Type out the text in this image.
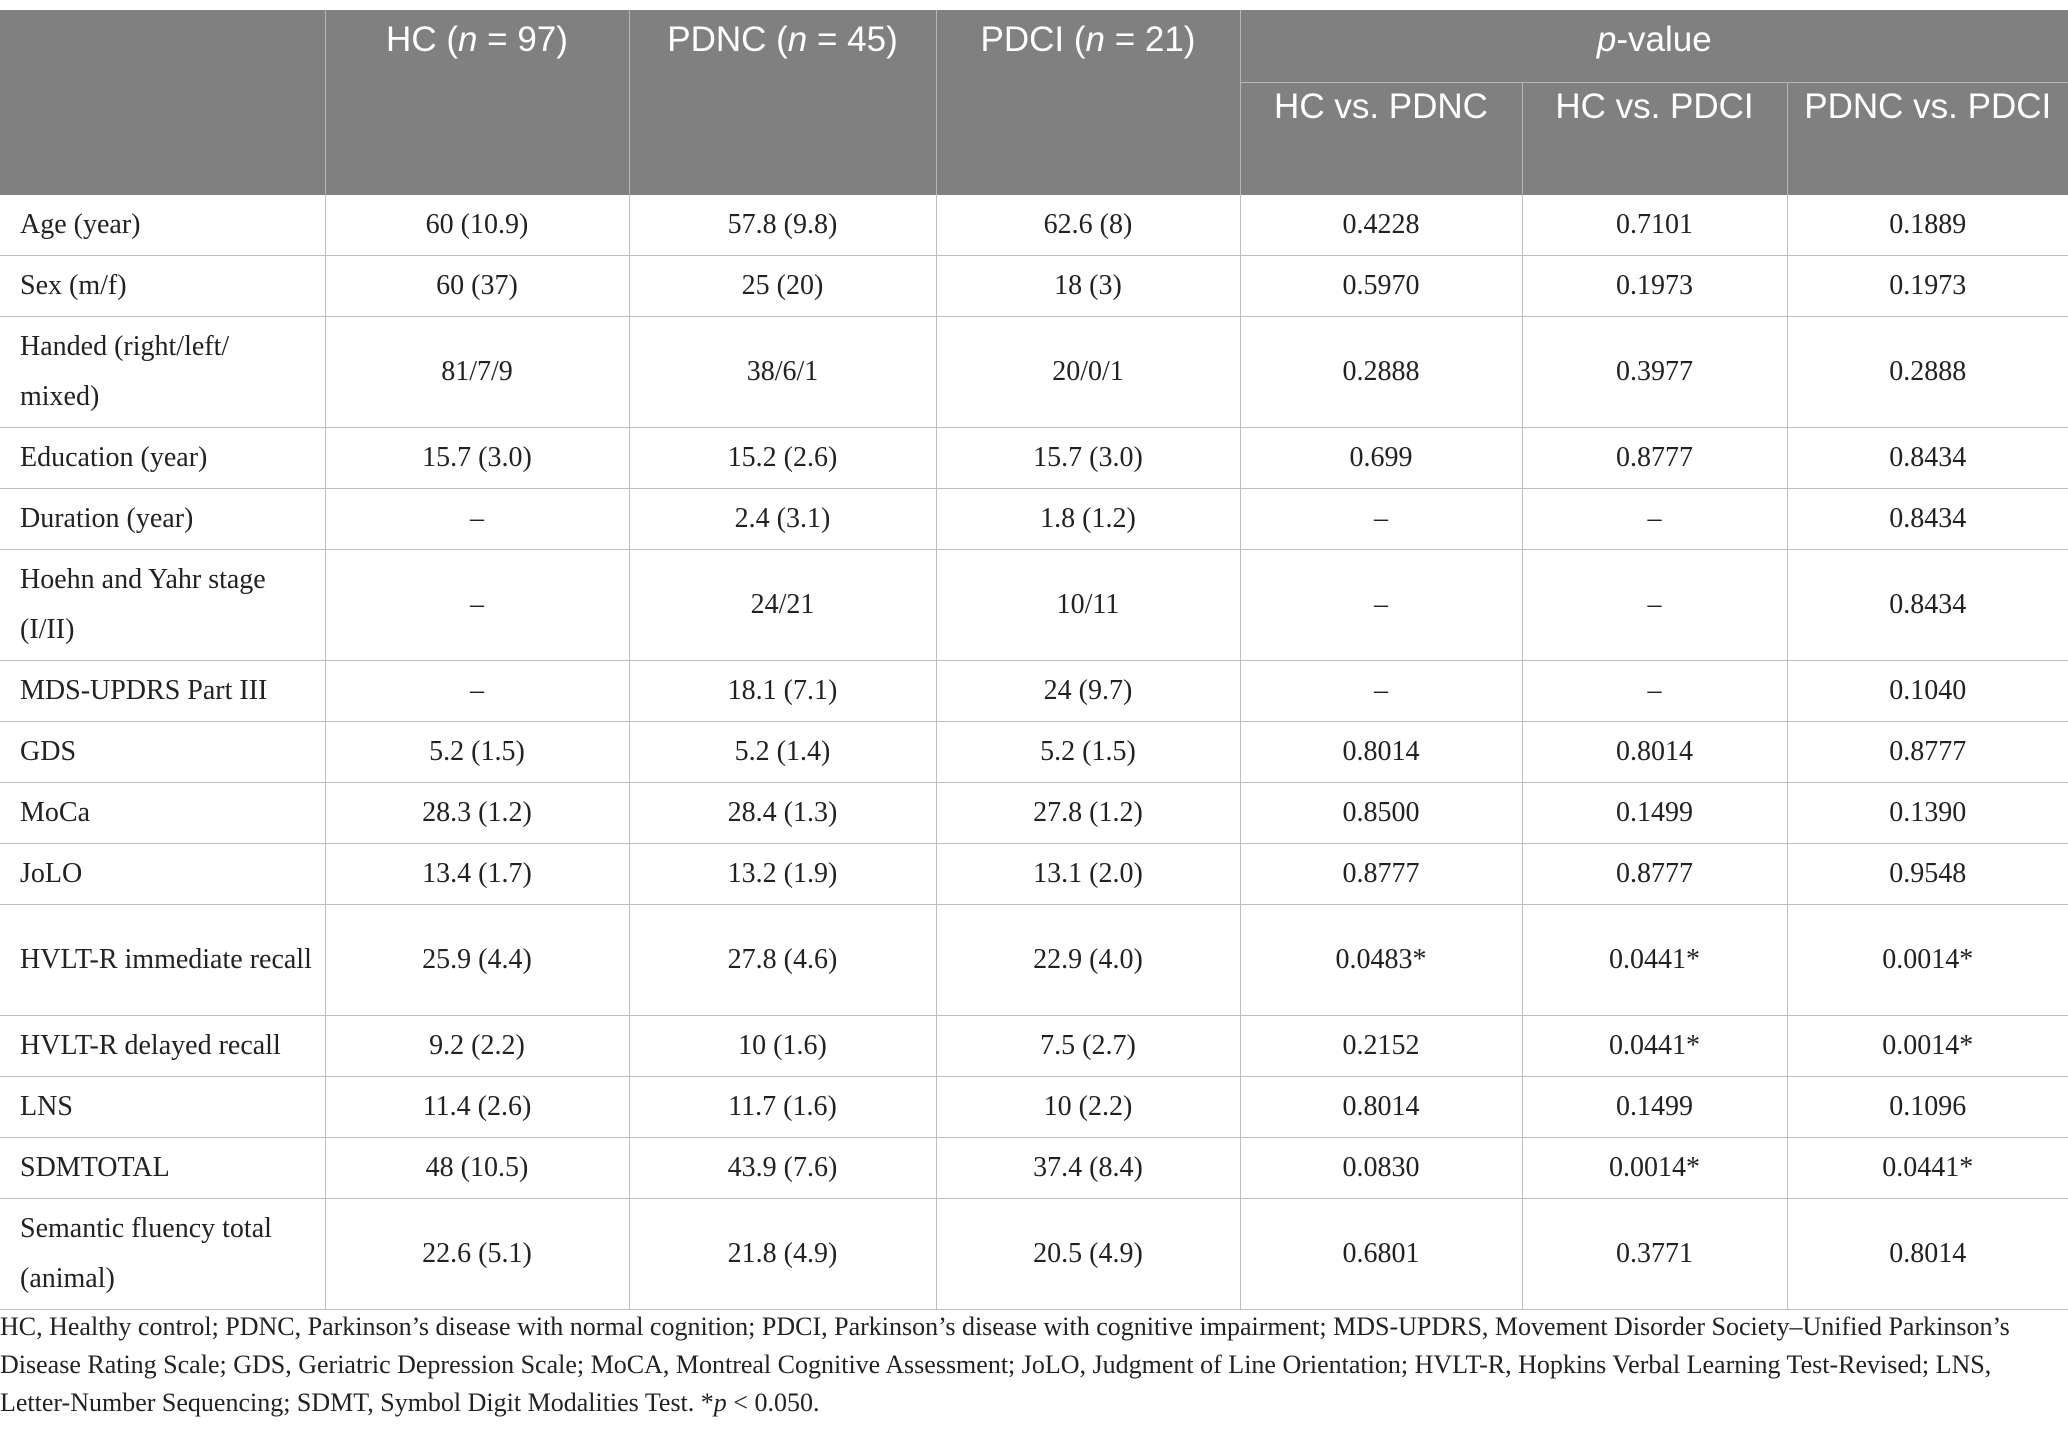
	HC (n = 97)	PDNC (n = 45)	PDCI (n = 21)	p-value		
				HC vs. PDNC	HC vs. PDCI	PDNC vs. PDCI
Age (year)	60 (10.9)	57.8 (9.8)	62.6 (8)	0.4228	0.7101	0.1889
Sex (m/f)	60 (37)	25 (20)	18 (3)	0.5970	0.1973	0.1973
Handed (right/left/ mixed)	81/7/9	38/6/1	20/0/1	0.2888	0.3977	0.2888
Education (year)	15.7 (3.0)	15.2 (2.6)	15.7 (3.0)	0.699	0.8777	0.8434
Duration (year)	–	2.4 (3.1)	1.8 (1.2)	–	–	0.8434
Hoehn and Yahr stage (I/II)	–	24/21	10/11	–	–	0.8434
MDS-UPDRS Part III	–	18.1 (7.1)	24 (9.7)	–	–	0.1040
GDS	5.2 (1.5)	5.2 (1.4)	5.2 (1.5)	0.8014	0.8014	0.8777
MoCa	28.3 (1.2)	28.4 (1.3)	27.8 (1.2)	0.8500	0.1499	0.1390
JoLO	13.4 (1.7)	13.2 (1.9)	13.1 (2.0)	0.8777	0.8777	0.9548
HVLT-R immediate recall	25.9 (4.4)	27.8 (4.6)	22.9 (4.0)	0.0483*	0.0441*	0.0014*
HVLT-R delayed recall	9.2 (2.2)	10 (1.6)	7.5 (2.7)	0.2152	0.0441*	0.0014*
LNS	11.4 (2.6)	11.7 (1.6)	10 (2.2)	0.8014	0.1499	0.1096
SDMTOTAL	48 (10.5)	43.9 (7.6)	37.4 (8.4)	0.0830	0.0014*	0.0441*
Semantic fluency total (animal)	22.6 (5.1)	21.8 (4.9)	20.5 (4.9)	0.6801	0.3771	0.8014
HC, Healthy control; PDNC, Parkinson’s disease with normal cognition; PDCI, Parkinson’s disease with cognitive impairment; MDS-UPDRS, Movement Disorder Society–Unified Parkinson’s Disease Rating Scale; GDS, Geriatric Depression Scale; MoCA, Montreal Cognitive Assessment; JoLO, Judgment of Line Orientation; HVLT-R, Hopkins Verbal Learning Test-Revised; LNS, Letter-Number Sequencing; SDMT, Symbol Digit Modalities Test. *p < 0.050.
